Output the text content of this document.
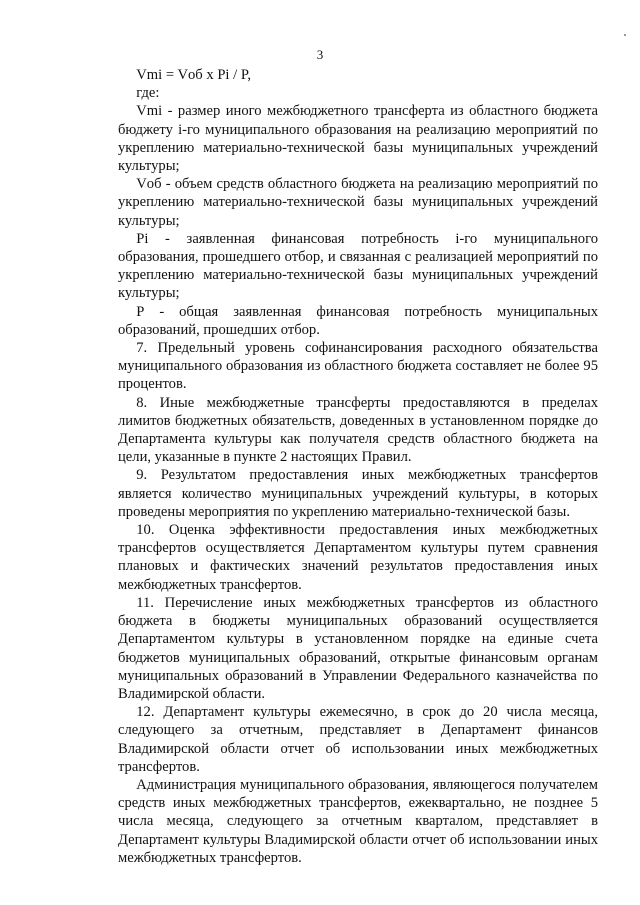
3

Vmi = Vоб х Pi / P,

где:

Vmi - размер иного межбюджетного трансферта из областного бюджета бюджету i-го муниципального образования на реализацию мероприятий по укреплению материально-технической базы муниципальных учреждений культуры;

Vоб - объем средств областного бюджета на реализацию мероприятий по укреплению материально-технической базы муниципальных учреждений культуры;

Pi - заявленная финансовая потребность i-го муниципального образования, прошедшего отбор, и связанная с реализацией мероприятий по укреплению материально-технической базы муниципальных учреждений культуры;

Р - общая заявленная финансовая потребность муниципальных образований, прошедших отбор.

7. Предельный уровень софинансирования расходного обязательства муниципального образования из областного бюджета составляет не более 95 процентов.

8. Иные межбюджетные трансферты предоставляются в пределах лимитов бюджетных обязательств, доведенных в установленном порядке до Департамента культуры как получателя средств областного бюджета на цели, указанные в пункте 2 настоящих Правил.

9. Результатом предоставления иных межбюджетных трансфертов является количество муниципальных учреждений культуры, в которых проведены мероприятия по укреплению материально-технической базы.

10. Оценка эффективности предоставления иных межбюджетных трансфертов осуществляется Департаментом культуры путем сравнения плановых и фактических значений результатов предоставления иных межбюджетных трансфертов.

11. Перечисление иных межбюджетных трансфертов из областного бюджета в бюджеты муниципальных образований осуществляется Департаментом культуры в установленном порядке на единые счета бюджетов муниципальных образований, открытые финансовым органам муниципальных образований в Управлении Федерального казначейства по Владимирской области.

12. Департамент культуры ежемесячно, в срок до 20 числа месяца, следующего за отчетным, представляет в Департамент финансов Владимирской области отчет об использовании иных межбюджетных трансфертов.

Администрация муниципального образования, являющегося получателем средств иных межбюджетных трансфертов, ежеквартально, не позднее 5 числа месяца, следующего за отчетным кварталом, представляет в Департамент культуры Владимирской области отчет об использовании иных межбюджетных трансфертов.
